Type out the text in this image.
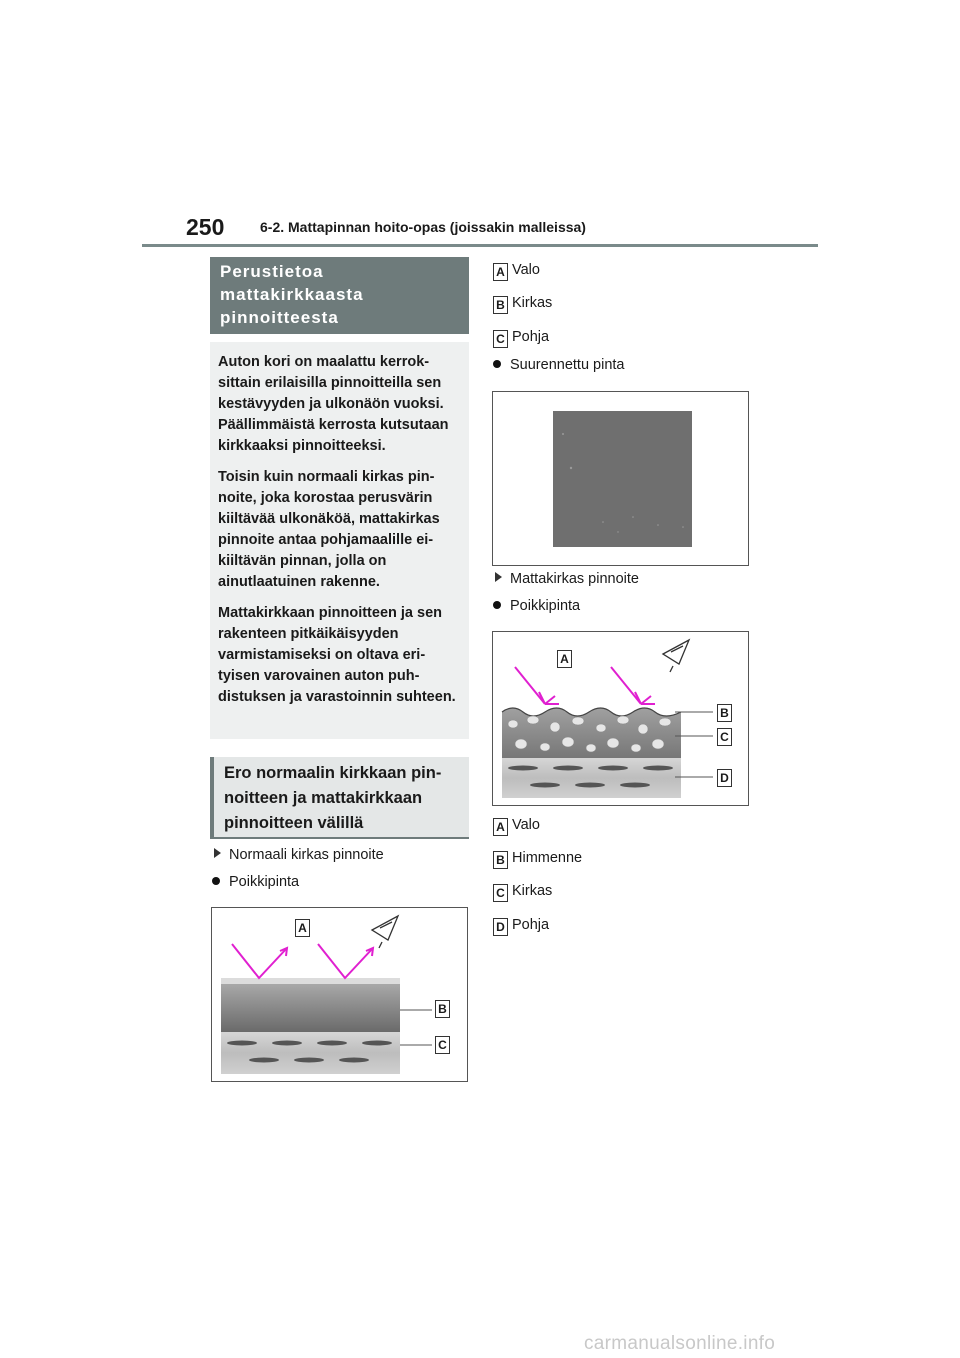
250	6-2. Mattapinnan hoito-opas (joissakin malleissa)
Perustietoa mattakirkkaasta pinnoitteesta

Auton kori on maalattu kerroksittain erilaisilla pinnoitteilla sen kestävyyden ja ulkonäön vuoksi. Päällimmäistä kerrosta kutsutaan kirkkaaksi pinnoitteeksi.

Toisin kuin normaali kirkas pinnoite, joka korostaa perusvärin kiiltävää ulkonäköä, mattakirkas pinnoite antaa pohjamaalille ei-kiiltävän pinnan, jolla on ainutlaatuinen rakenne.

Mattakirkkaan pinnoitteen ja sen rakenteen pitkäikäisyyden varmistamiseksi on oltava erityisen varovainen auton puhdistuksen ja varastoinnin suhteen.

Ero normaalin kirkkaan pinnoitteen ja mattakirkkaan pinnoitteen välillä
Normaali kirkas pinnoite
Poikkipinta
A
B
C
A Valo
B Kirkas
C Pohja
Suurennettu pinta
Mattakirkas pinnoite
Poikkipinta
A
B
C
D
A Valo
B Himmenne
C Kirkas
D Pohja
carmanualsonline.info
